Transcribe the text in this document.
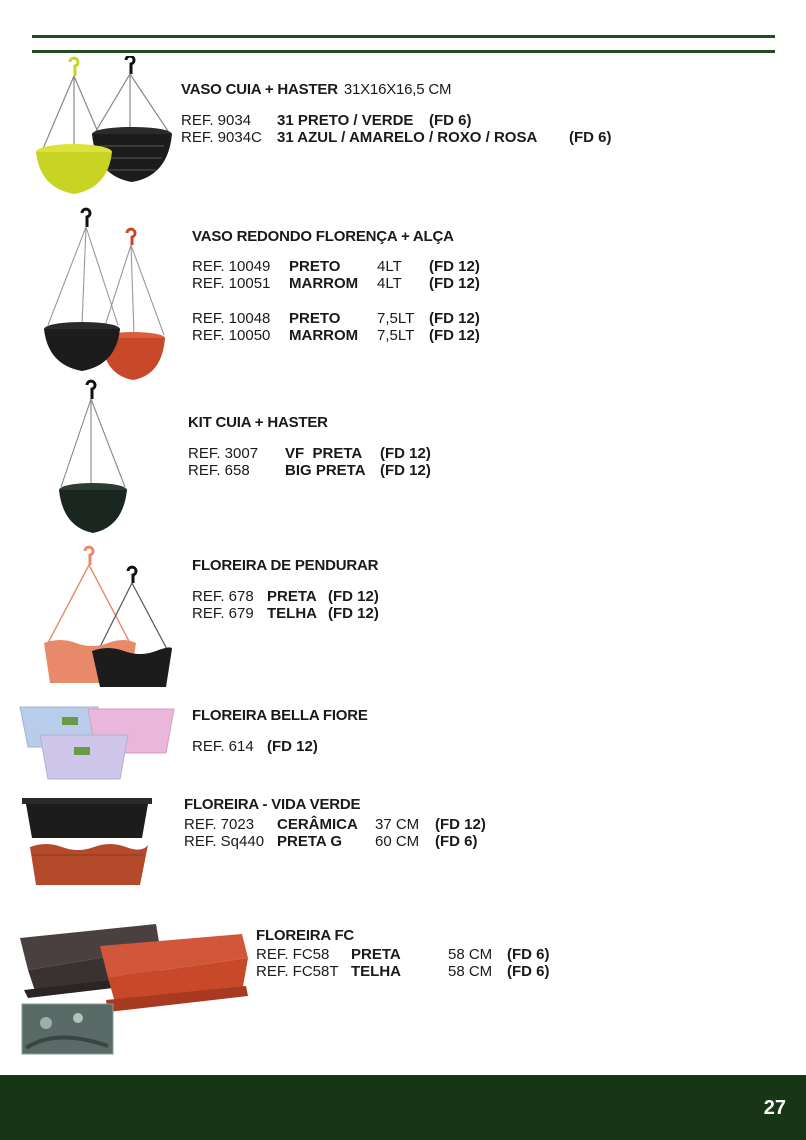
VASO CUIA + HASTER 31X16X16,5 CM
REF. 9034 31 PRETO / VERDE (FD 6)
REF. 9034C 31 AZUL / AMARELO / ROXO / ROSA (FD 6)
VASO REDONDO FLORENÇA + ALÇA
REF. 10049 PRETO 4LT (FD 12)
REF. 10051 MARROM 4LT (FD 12)
REF. 10048 PRETO 7,5LT (FD 12)
REF. 10050 MARROM 7,5LT (FD 12)
KIT CUIA + HASTER
REF. 3007 VF  PRETA (FD 12)
REF. 658 BIG PRETA (FD 12)
FLOREIRA DE PENDURAR
REF. 678 PRETA (FD 12)
REF. 679 TELHA (FD 12)
FLOREIRA BELLA FIORE
REF. 614 (FD 12)
FLOREIRA - VIDA VERDE
REF. 7023 CERÂMICA 37 CM (FD 12)
REF. Sq440 PRETA G 60 CM (FD 6)
FLOREIRA FC
REF. FC58 PRETA	58 CM (FD 6)
REF. FC58T TELHA	58 CM (FD 6)
27
